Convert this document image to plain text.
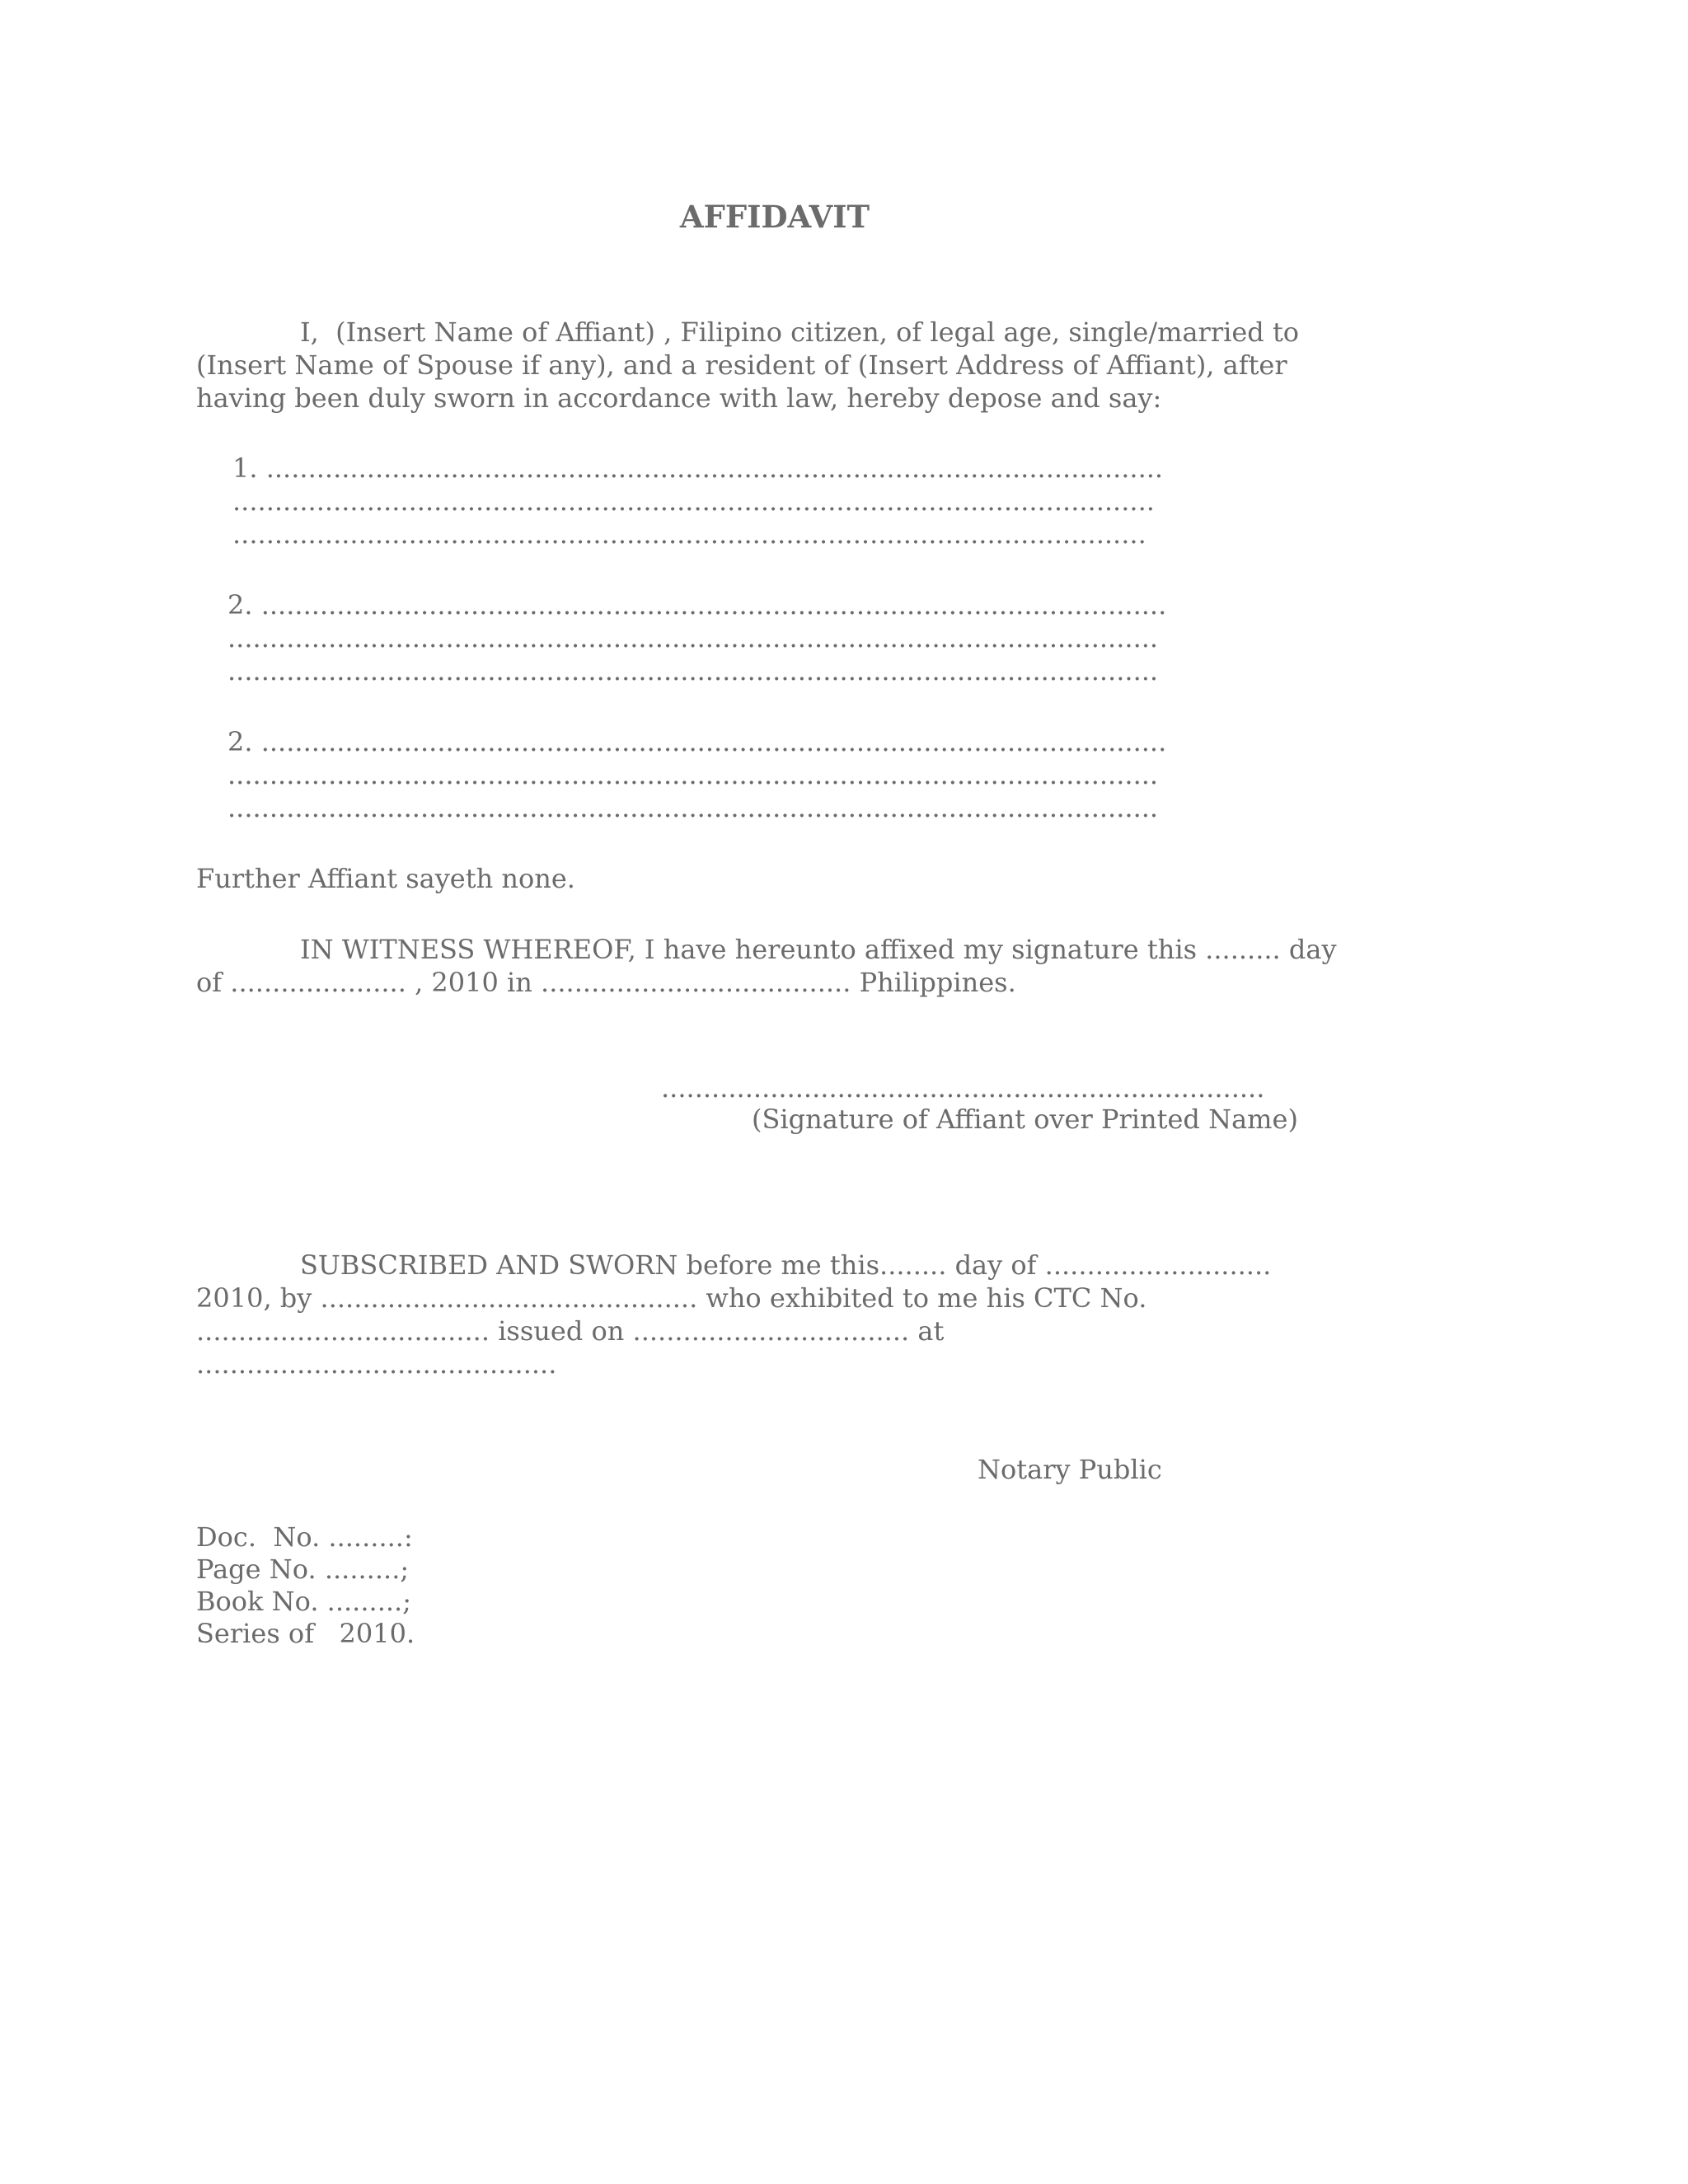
AFFIDAVIT
I,  (Insert Name of Affiant) , Filipino citizen, of legal age, single/married to
(Insert Name of Spouse if any), and a resident of (Insert Address of Affiant), after
having been duly sworn in accordance with law, hereby depose and say:
1. ...........................................................................................................
..............................................................................................................
.............................................................................................................
2. ............................................................................................................
...............................................................................................................
...............................................................................................................
2. ............................................................................................................
...............................................................................................................
...............................................................................................................
Further Affiant sayeth none.
IN WITNESS WHEREOF, I have hereunto affixed my signature this ......... day
of ..................... , 2010 in ..................................... Philippines.
........................................................................
(Signature of Affiant over Printed Name)
SUBSCRIBED AND SWORN before me this........ day of ...........................
2010, by ............................................. who exhibited to me his CTC No.
................................... issued on ................................. at
...........................................
Notary Public
Doc.  No. .........:
Page No. .........;
Book No. .........;
Series of   2010.
